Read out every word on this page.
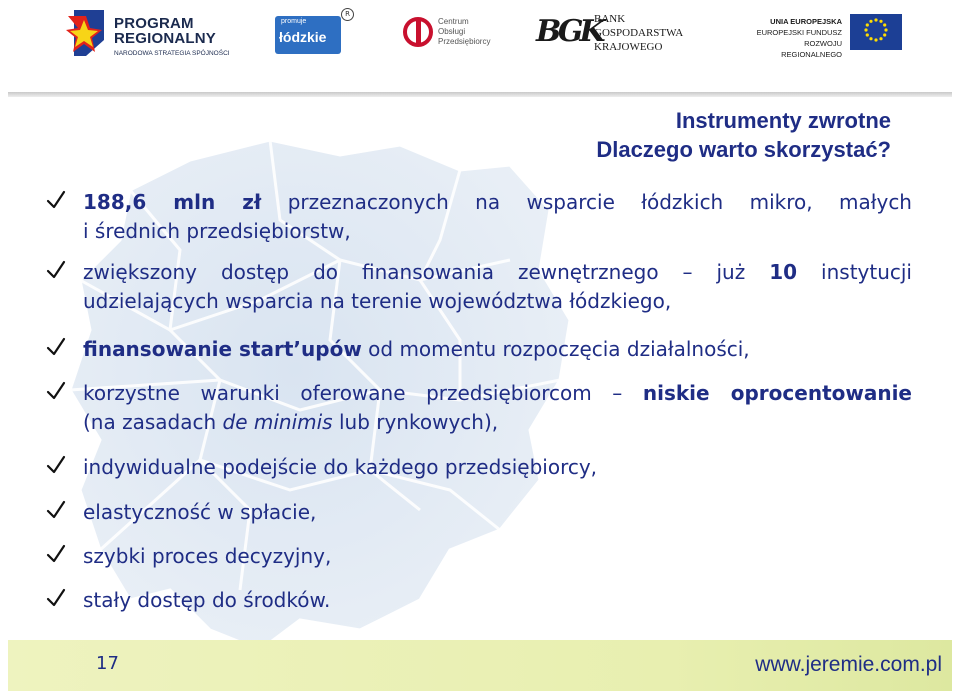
PROGRAM
REGIONALNY
NARODOWA STRATEGIA SPÓJNOŚCI
promuje
łódzkie
R
Centrum
Obsługi
Przedsiębiorcy BGK
BANK
GOSPODARSTWA
KRAJOWEGO
UNIA EUROPEJSKA
EUROPEJSKI FUNDUSZ
ROZWOJU REGIONALNEGO
Instrumenty zwrotne
Dlaczego warto skorzystać?
188,6 mln zł przeznaczonych na wsparcie łódzkich mikro, małych
i średnich przedsiębiorstw,
zwiększony dostęp do finansowania zewnętrznego – już 10 instytucji
udzielających wsparcia na terenie województwa łódzkiego,
finansowanie start’upów od momentu rozpoczęcia działalności,
korzystne warunki oferowane przedsiębiorcom – niskie oprocentowanie
(na zasadach de minimis lub rynkowych),
indywidualne podejście do każdego przedsiębiorcy,
elastyczność w spłacie,
szybki proces decyzyjny,
stały dostęp do środków.
17	www.jeremie.com.pl
